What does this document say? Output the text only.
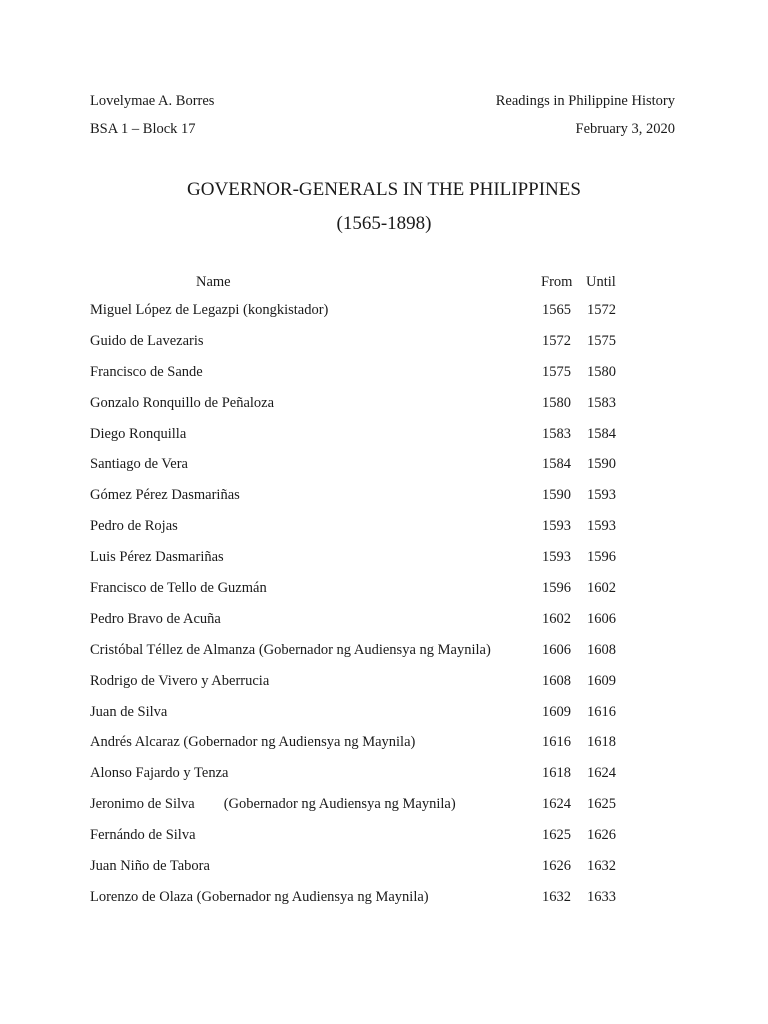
Lovelymae A. Borres	Readings in Philippine History
BSA 1 – Block 17	February 3, 2020
GOVERNOR-GENERALS IN THE PHILIPPINES
(1565-1898)
Name	From Until
Miguel López de Legazpi (kongkistador)	1565 1572
Guido de Lavezaris	1572 1575
Francisco de Sande	1575 1580
Gonzalo Ronquillo de Peñaloza	1580 1583
Diego Ronquilla	1583 1584
Santiago de Vera	1584 1590
Gómez Pérez Dasmariñas	1590 1593
Pedro de Rojas	1593 1593
Luis Pérez Dasmariñas	1593 1596
Francisco de Tello de Guzmán	1596 1602
Pedro Bravo de Acuña	1602 1606
Cristóbal Téllez de Almanza (Gobernador ng Audiensya ng Maynila)	1606 1608
Rodrigo de Vivero y Aberrucia	1608 1609
Juan de Silva	1609 1616
Andrés Alcaraz (Gobernador ng Audiensya ng Maynila)	1616 1618
Alonso Fajardo y Tenza	1618 1624
Jeronimo de Silva        (Gobernador ng Audiensya ng Maynila)	1624 1625
Fernándo de Silva	1625 1626
Juan Niño de Tabora	1626 1632
Lorenzo de Olaza (Gobernador ng Audiensya ng Maynila)	1632 1633
